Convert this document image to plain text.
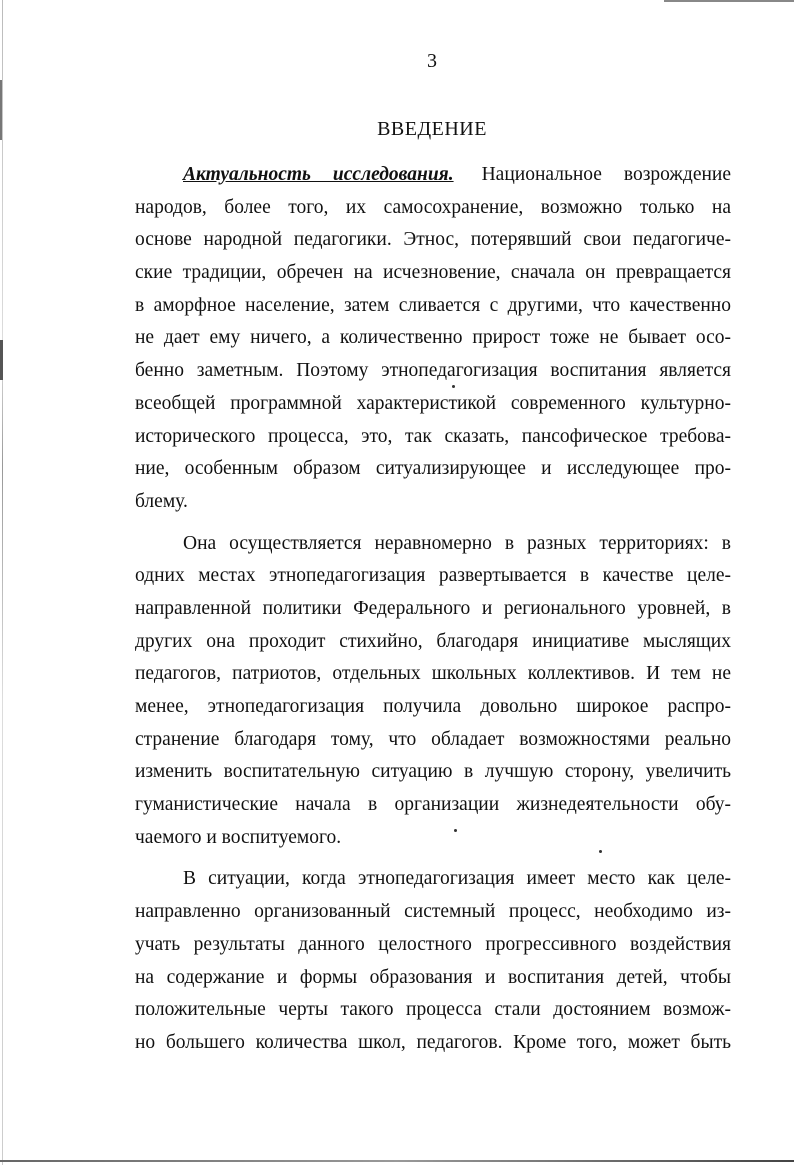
3
ВВЕДЕНИЕ
Актуальность исследования. Национальное возрождение
народов, более того, их самосохранение, возможно только на
основе народной педагогики. Этнос, потерявший свои педагогиче-
ские традиции, обречен на исчезновение, сначала он превращается
в аморфное население, затем сливается с другими, что качественно
не дает ему ничего, а количественно прирост тоже не бывает осо-
бенно заметным. Поэтому этнопедагогизация воспитания является
всеобщей программной характеристикой современного культурно-
исторического процесса, это, так сказать, пансофическое требова-
ние, особенным образом ситуализирующее и исследующее про-
блему.
Она осуществляется неравномерно в разных территориях: в
одних местах этнопедагогизация развертывается в качестве целе-
направленной политики Федерального и регионального уровней, в
других она проходит стихийно, благодаря инициативе мыслящих
педагогов, патриотов, отдельных школьных коллективов. И тем не
менее, этнопедагогизация получила довольно широкое распро-
странение благодаря тому, что обладает возможностями реально
изменить воспитательную ситуацию в лучшую сторону, увеличить
гуманистические начала в организации жизнедеятельности обу-
чаемого и воспитуемого.
В ситуации, когда этнопедагогизация имеет место как целе-
направленно организованный системный процесс, необходимо из-
учать результаты данного целостного прогрессивного воздействия
на содержание и формы образования и воспитания детей, чтобы
положительные черты такого процесса стали достоянием возмож-
но большего количества школ, педагогов. Кроме того, может быть
